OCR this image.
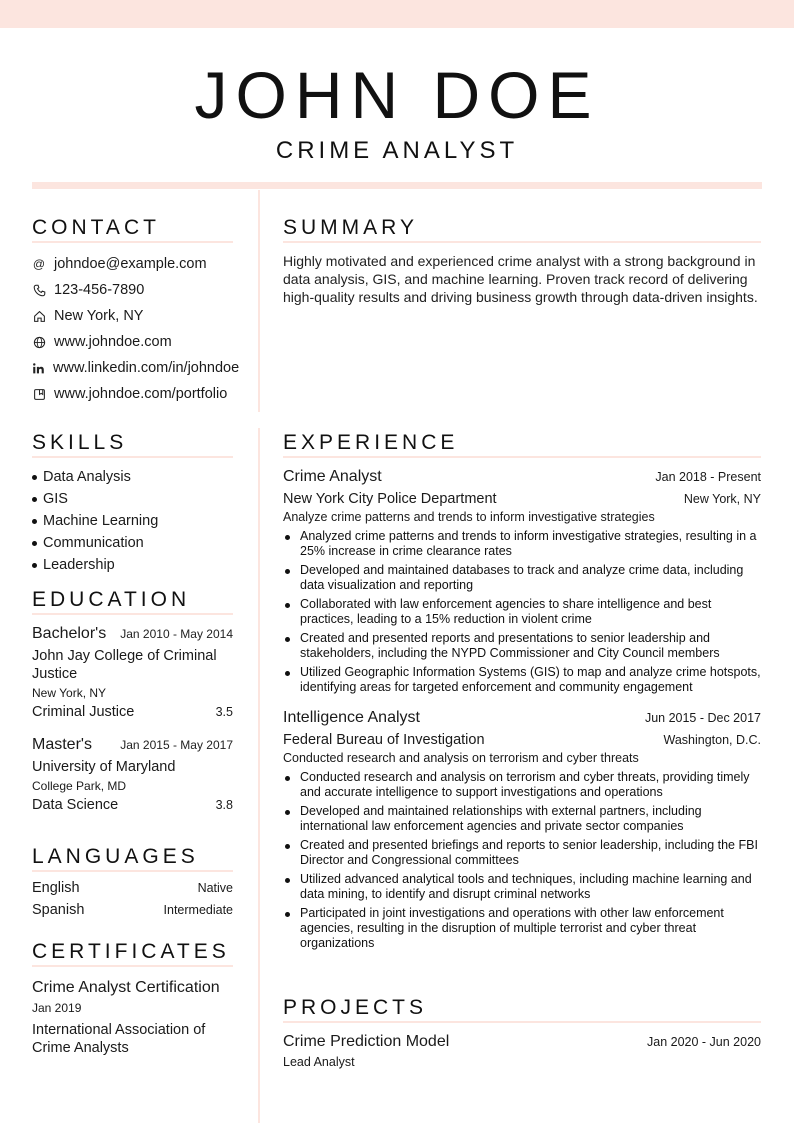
JOHN DOE
CRIME ANALYST
CONTACT
@ johndoe@example.com
123-456-7890
New York, NY
www.johndoe.com
www.linkedin.com/in/johndoe
www.johndoe.com/portfolio
SUMMARY

Highly motivated and experienced crime analyst with a strong background in data analysis, GIS, and machine learning. Proven track record of delivering high-quality results and driving business growth through data-driven insights.

SKILLS
Data Analysis
GIS
Machine Learning
Communication
Leadership
EDUCATION
Bachelor's Jan 2010 - May 2014
John Jay College of Criminal Justice
New York, NY
Criminal Justice	3.5
Master's Jan 2015 - May 2017
University of Maryland
College Park, MD
Data Science	3.8
LANGUAGES
English	Native
Spanish	Intermediate
CERTIFICATES
Crime Analyst Certification
Jan 2019
International Association of Crime Analysts
EXPERIENCE
Crime Analyst	Jan 2018 - Present
New York City Police Department	New York, NY
Analyze crime patterns and trends to inform investigative strategies
Analyzed crime patterns and trends to inform investigative strategies, resulting in a 25% increase in crime clearance rates
Developed and maintained databases to track and analyze crime data, including data visualization and reporting
Collaborated with law enforcement agencies to share intelligence and best practices, leading to a 15% reduction in violent crime
Created and presented reports and presentations to senior leadership and stakeholders, including the NYPD Commissioner and City Council members
Utilized Geographic Information Systems (GIS) to map and analyze crime hotspots, identifying areas for targeted enforcement and community engagement
Intelligence Analyst	Jun 2015 - Dec 2017
Federal Bureau of Investigation	Washington, D.C.
Conducted research and analysis on terrorism and cyber threats
Conducted research and analysis on terrorism and cyber threats, providing timely and accurate intelligence to support investigations and operations
Developed and maintained relationships with external partners, including international law enforcement agencies and private sector companies
Created and presented briefings and reports to senior leadership, including the FBI Director and Congressional committees
Utilized advanced analytical tools and techniques, including machine learning and data mining, to identify and disrupt criminal networks
Participated in joint investigations and operations with other law enforcement agencies, resulting in the disruption of multiple terrorist and cyber threat organizations
PROJECTS
Crime Prediction Model	Jan 2020 - Jun 2020
Lead Analyst
